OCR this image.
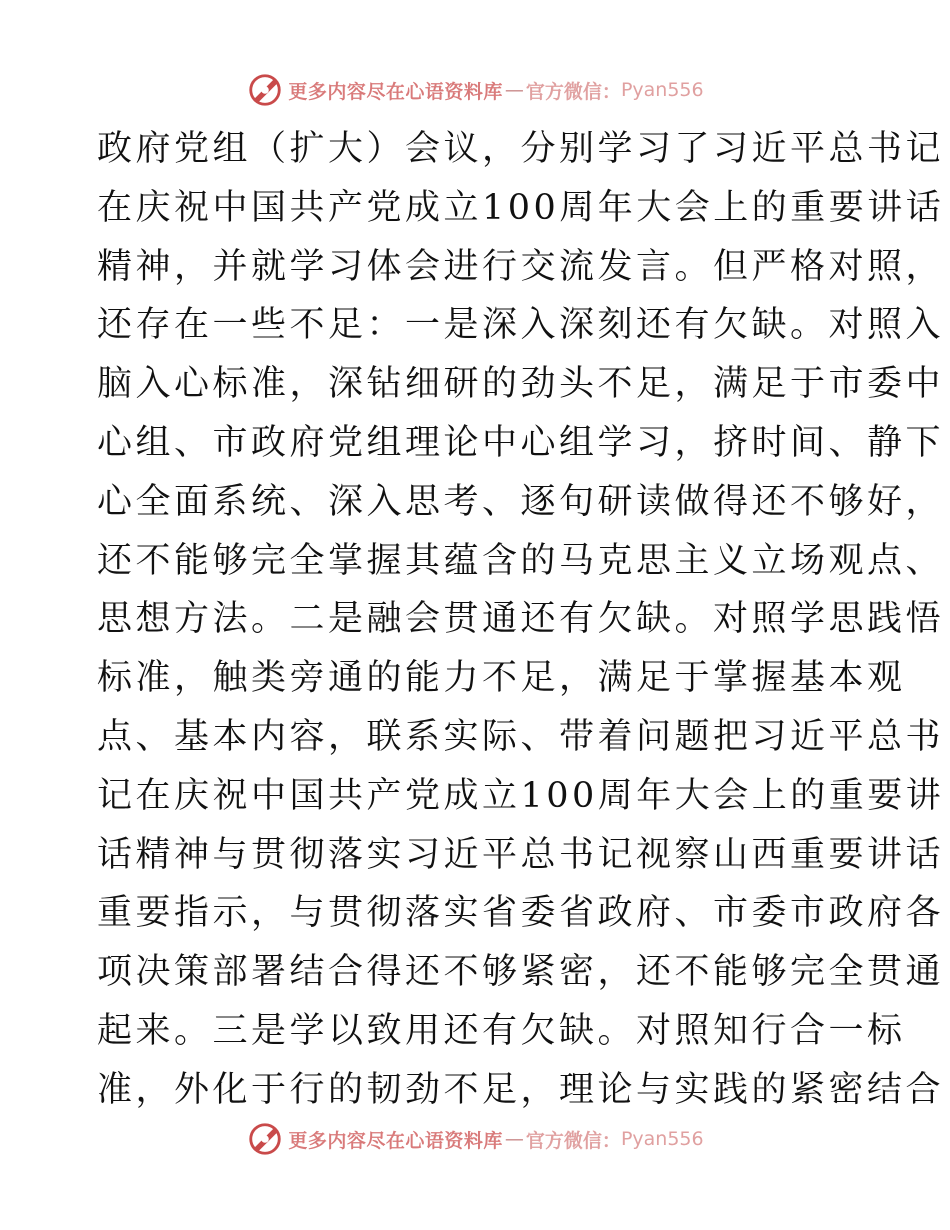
更多内容尽在心语资料库 — 官方微信： Pyan556
政府党组（扩大）会议，分别学习了习近平总书记
在庆祝中国共产党成立100周年大会上的重要讲话
精神，并就学习体会进行交流发言。但严格对照，
还存在一些不足：一是深入深刻还有欠缺。对照入
脑入心标准，深钻细研的劲头不足，满足于市委中
心组、市政府党组理论中心组学习，挤时间、静下
心全面系统、深入思考、逐句研读做得还不够好，
还不能够完全掌握其蕴含的马克思主义立场观点、
思想方法。二是融会贯通还有欠缺。对照学思践悟
标准，触类旁通的能力不足，满足于掌握基本观
点、基本内容，联系实际、带着问题把习近平总书
记在庆祝中国共产党成立100周年大会上的重要讲
话精神与贯彻落实习近平总书记视察山西重要讲话
重要指示，与贯彻落实省委省政府、市委市政府各
项决策部署结合得还不够紧密，还不能够完全贯通
起来。三是学以致用还有欠缺。对照知行合一标
准，外化于行的韧劲不足，理论与实践的紧密结合
更多内容尽在心语资料库 — 官方微信： Pyan556
